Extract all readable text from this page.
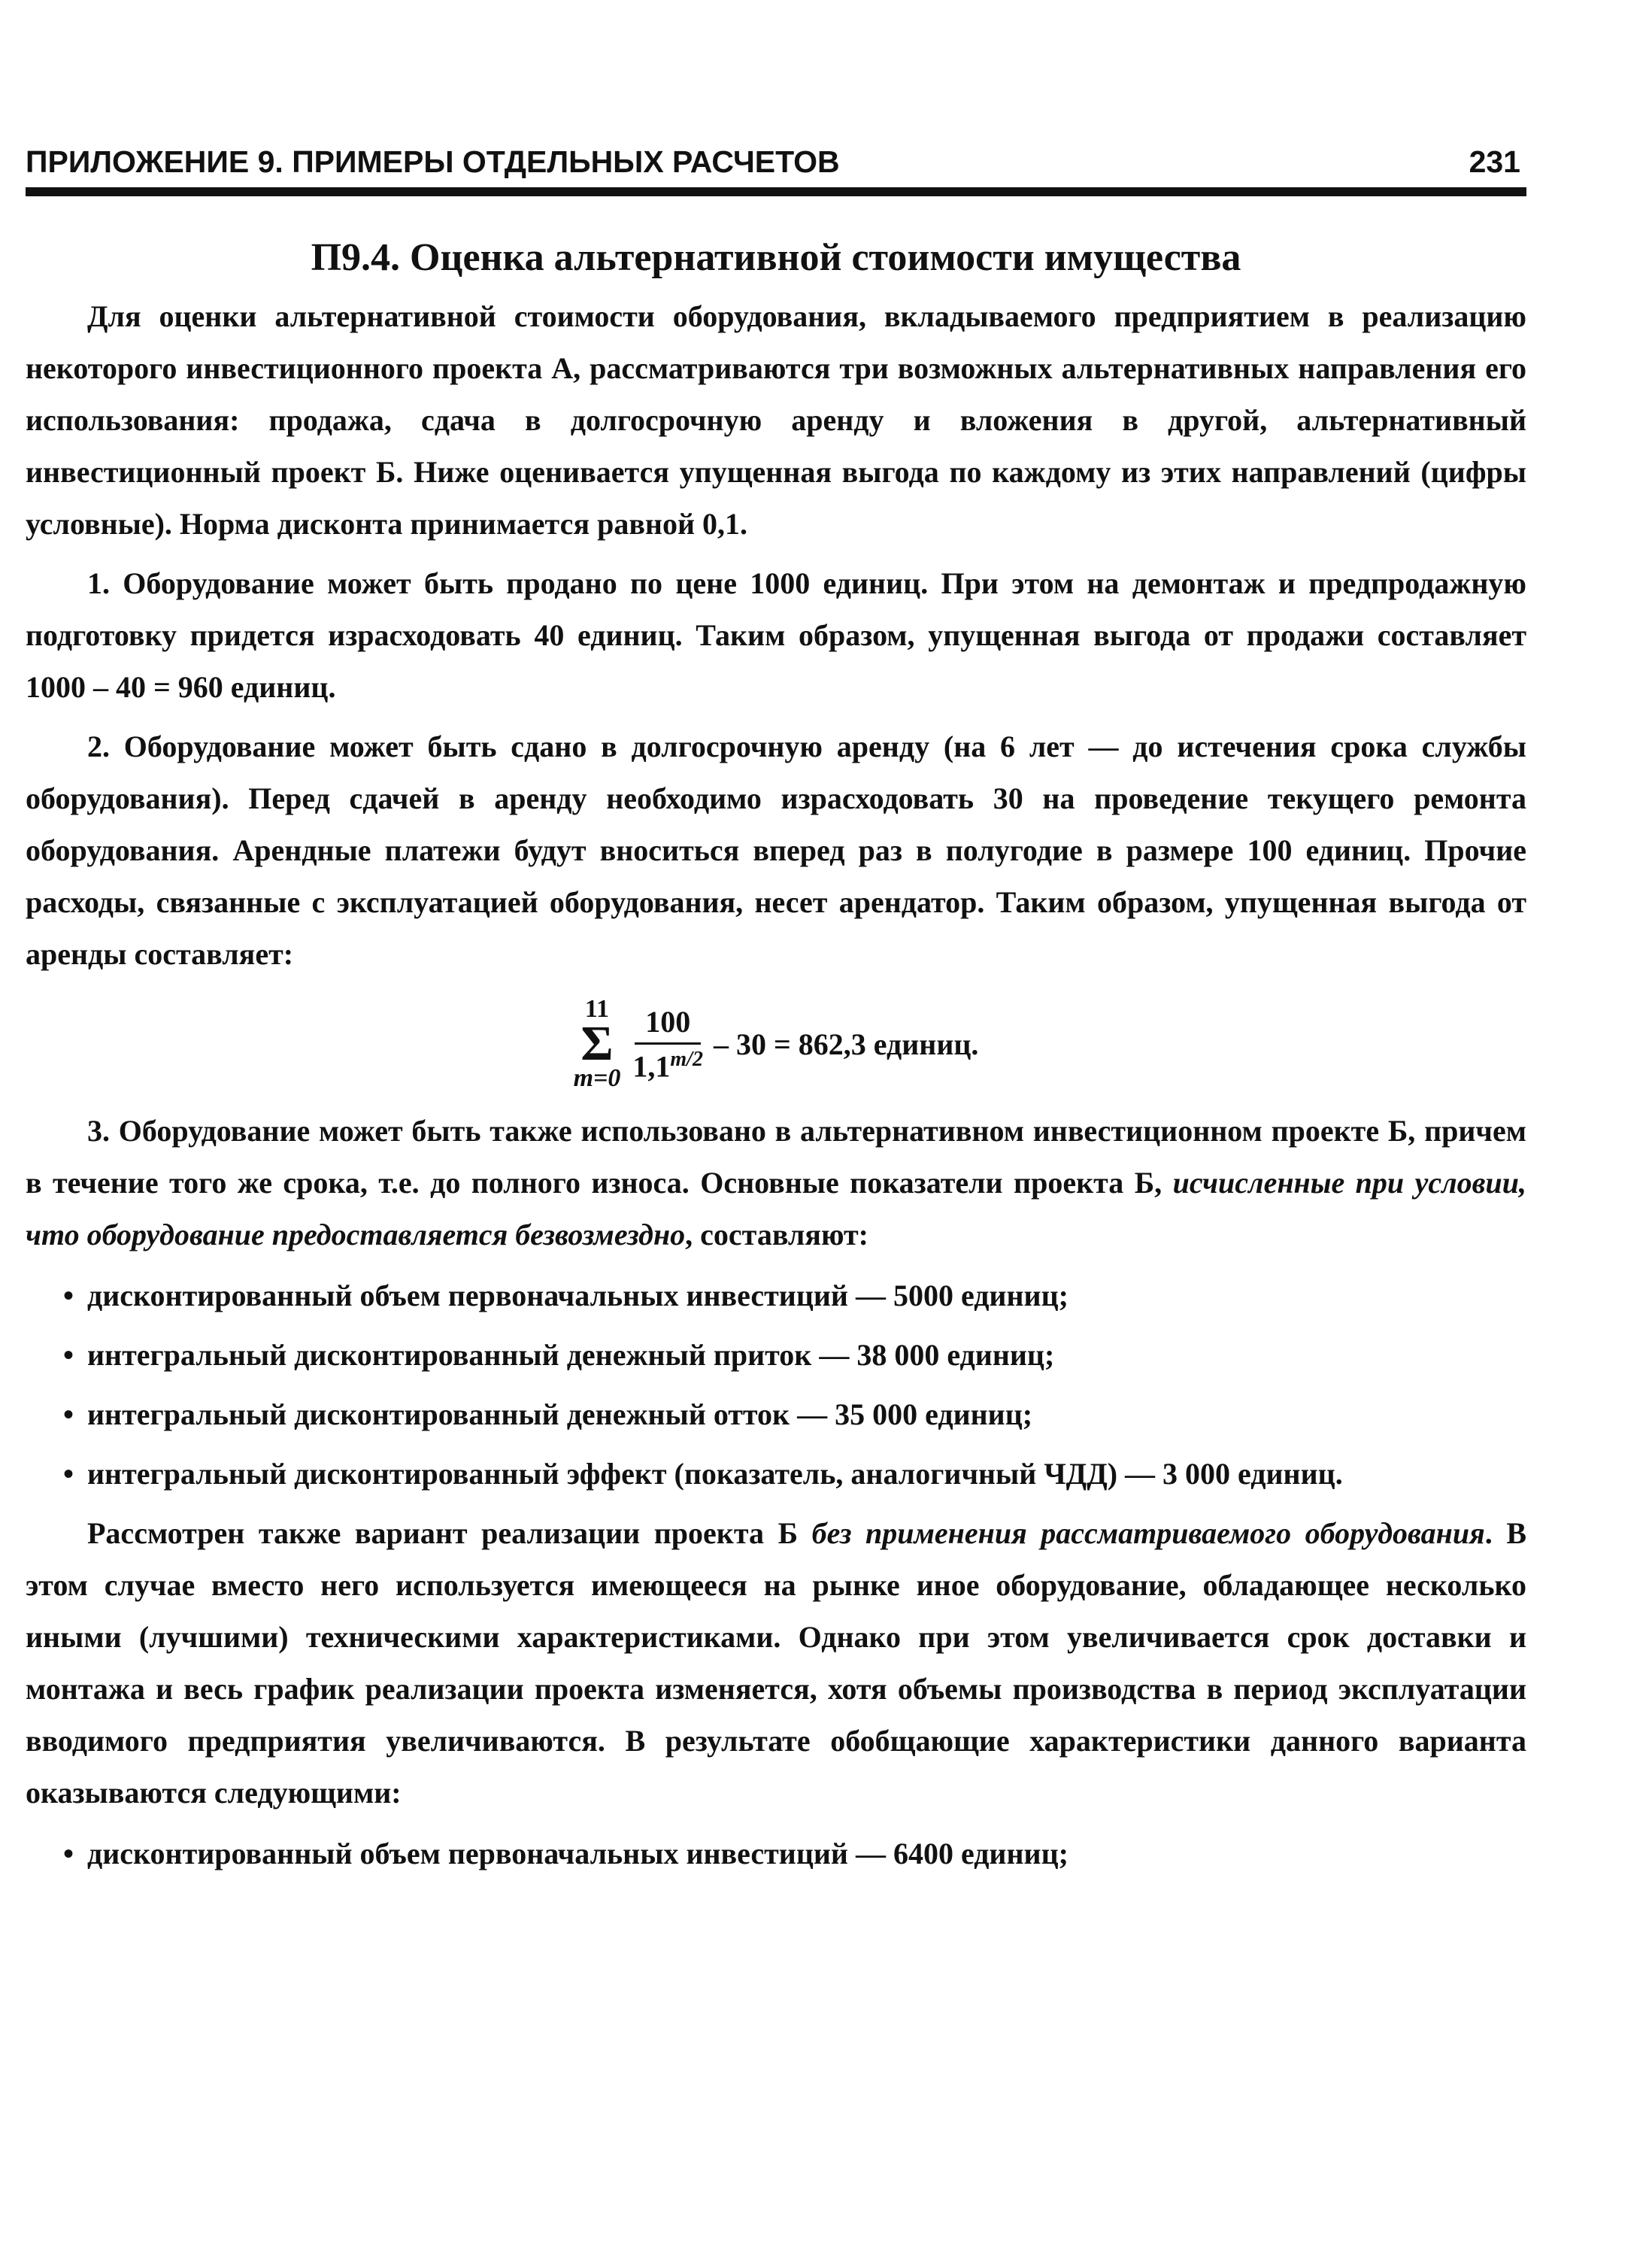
ПРИЛОЖЕНИЕ 9. ПРИМЕРЫ ОТДЕЛЬНЫХ РАСЧЕТОВ	231
П9.4. Оценка альтернативной стоимости имущества

Для оценки альтернативной стоимости оборудования, вкладываемого предприятием в реализацию некоторого инвестиционного проекта А, рассматриваются три возможных альтернативных направления его использования: продажа, сдача в долгосрочную аренду и вложения в другой, альтернативный инвестиционный проект Б. Ниже оценивается упущенная выгода по каждому из этих направлений (цифры условные). Норма дисконта принимается равной 0,1.

1. Оборудование может быть продано по цене 1000 единиц. При этом на демонтаж и предпродажную подготовку придется израсходовать 40 единиц. Таким образом, упущенная выгода от продажи составляет 1000 – 40 = 960 единиц.

2. Оборудование может быть сдано в долгосрочную аренду (на 6 лет — до истечения срока службы оборудования). Перед сдачей в аренду необходимо израсходовать 30 на проведение текущего ремонта оборудования. Арендные платежи будут вноситься вперед раз в полугодие в размере 100 единиц. Прочие расходы, связанные с эксплуатацией оборудования, несет арендатор. Таким образом, упущенная выгода от аренды составляет:

11
Σ
$m=0 \frac{100}{1,1^{m/2}} - 30 = 862,3$ единиц.

3. Оборудование может быть также использовано в альтернативном инвестиционном проекте Б, причем в течение того же срока, т.е. до полного износа. Основные показатели проекта Б, исчисленные при условии, что оборудование предоставляется безвозмездно, составляют:

• дисконтированный объем первоначальных инвестиций — 5000 единиц;
• интегральный дисконтированный денежный приток — 38 000 единиц;
• интегральный дисконтированный денежный отток — 35 000 единиц;
• интегральный дисконтированный эффект (показатель, аналогичный ЧДД) — 3 000 единиц.

Рассмотрен также вариант реализации проекта Б без применения рассматриваемого оборудования. В этом случае вместо него используется имеющееся на рынке иное оборудование, обладающее несколько иными (лучшими) техническими характеристиками. Однако при этом увеличивается срок доставки и монтажа и весь график реализации проекта изменяется, хотя объемы производства в период эксплуатации вводимого предприятия увеличиваются. В результате обобщающие характеристики данного варианта оказываются следующими:

• дисконтированный объем первоначальных инвестиций — 6400 единиц;
